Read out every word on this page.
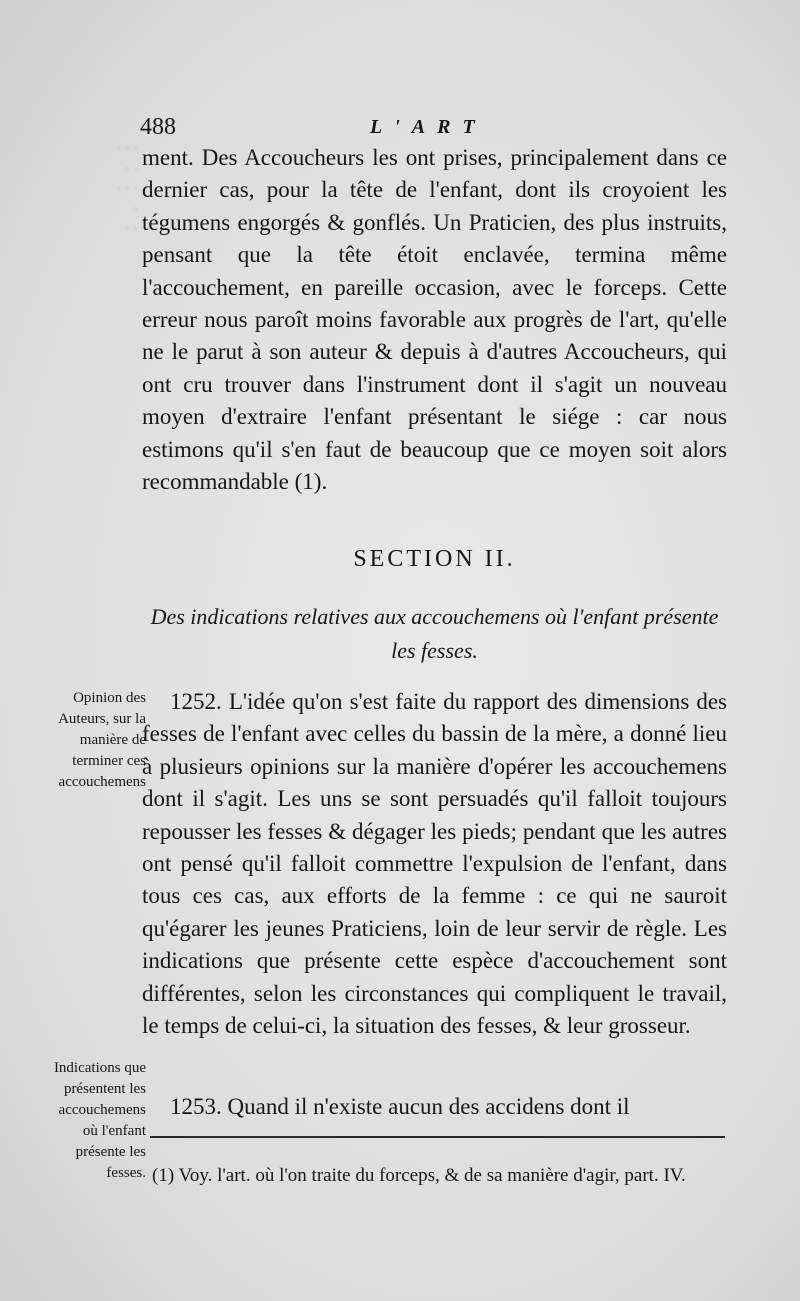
◦ ◦ ◦
◦ ◦
◦ ◦ ◦
◦
◦ ◦

488	L'ART

ment. Des Accoucheurs les ont prises, principalement dans ce dernier cas, pour la tête de l'enfant, dont ils croyoient les tégumens engorgés & gonflés. Un Praticien, des plus instruits, pensant que la tête étoit enclavée, termina même l'accouchement, en pareille occasion, avec le forceps. Cette erreur nous paroît moins favorable aux progrès de l'art, qu'elle ne le parut à son auteur & depuis à d'autres Accoucheurs, qui ont cru trouver dans l'instrument dont il s'agit un nouveau moyen d'extraire l'enfant présentant le siége : car nous estimons qu'il s'en faut de beaucoup que ce moyen soit alors recommandable (1).

SECTION II.
Des indications relatives aux accouchemens où l'enfant présente les fesses.
Opinion des Auteurs, sur la manière de terminer ces accouchemens

1252. L'idée qu'on s'est faite du rapport des dimensions des fesses de l'enfant avec celles du bassin de la mère, a donné lieu à plusieurs opinions sur la manière d'opérer les accouchemens dont il s'agit. Les uns se sont persuadés qu'il falloit toujours repousser les fesses & dégager les pieds; pendant que les autres ont pensé qu'il falloit commettre l'expulsion de l'enfant, dans tous ces cas, aux efforts de la femme : ce qui ne sauroit qu'égarer les jeunes Praticiens, loin de leur servir de règle. Les indications que présente cette espèce d'accouchement sont différentes, selon les circonstances qui compliquent le travail, le temps de celui-ci, la situation des fesses, & leur grosseur.

Indications que présentent les accouchemens où l'enfant présente les fesses.

1253. Quand il n'existe aucun des accidens dont il

(1) Voy. l'art. où l'on traite du forceps, & de sa manière d'agir, part. IV.
